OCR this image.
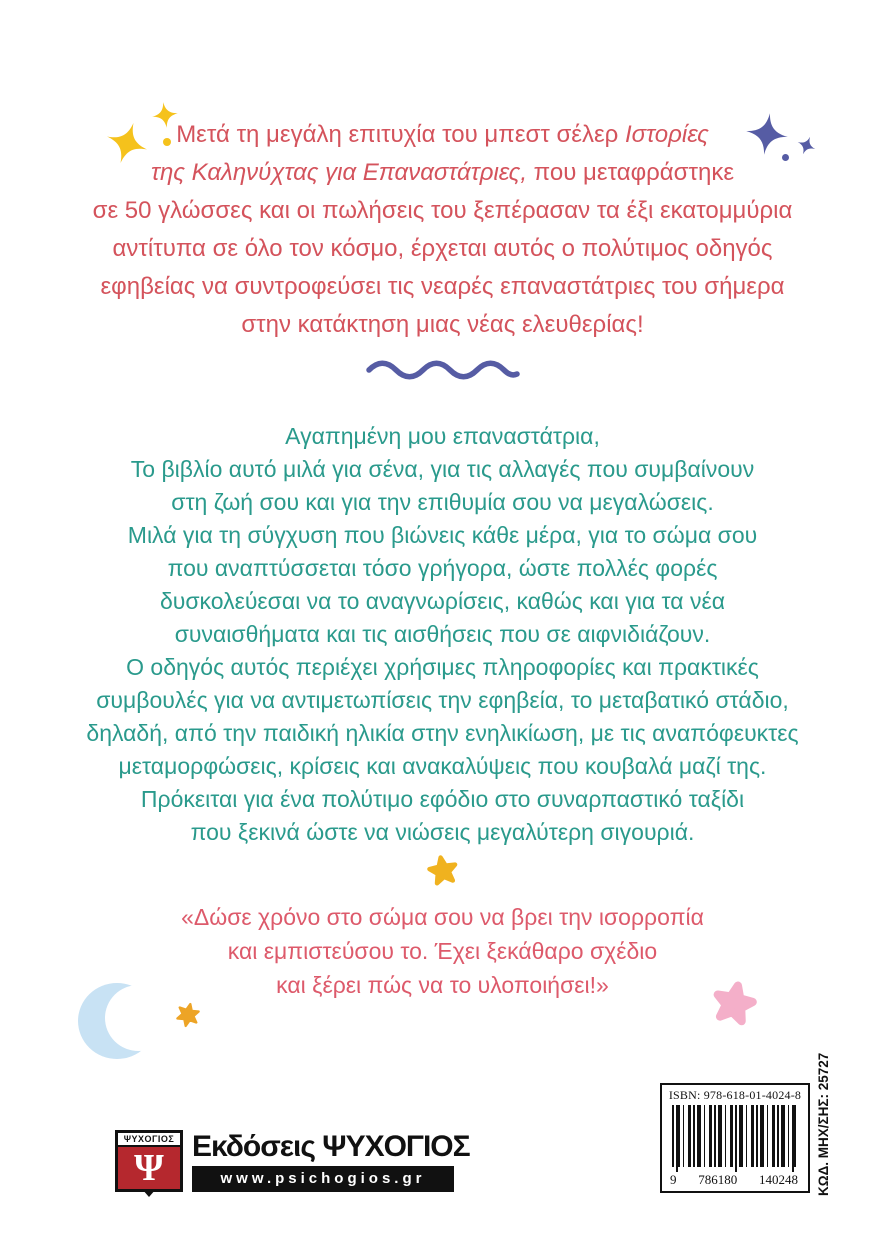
Μετά τη μεγάλη επιτυχία του μπεστ σέλερ Ιστορίες
της Καληνύχτας για Επαναστάτριες, που μεταφράστηκε
σε 50 γλώσσες και οι πωλήσεις του ξεπέρασαν τα έξι εκατομμύρια
αντίτυπα σε όλο τον κόσμο, έρχεται αυτός ο πολύτιμος οδηγός
εφηβείας να συντροφεύσει τις νεαρές επαναστάτριες του σήμερα
στην κατάκτηση μιας νέας ελευθερίας!
Αγαπημένη μου επαναστάτρια,
Το βιβλίο αυτό μιλά για σένα, για τις αλλαγές που συμβαίνουν
στη ζωή σου και για την επιθυμία σου να μεγαλώσεις.
Μιλά για τη σύγχυση που βιώνεις κάθε μέρα, για το σώμα σου
που αναπτύσσεται τόσο γρήγορα, ώστε πολλές φορές
δυσκολεύεσαι να το αναγνωρίσεις, καθώς και για τα νέα
συναισθήματα και τις αισθήσεις που σε αιφνιδιάζουν.
Ο οδηγός αυτός περιέχει χρήσιμες πληροφορίες και πρακτικές
συμβουλές για να αντιμετωπίσεις την εφηβεία, το μεταβατικό στάδιο,
δηλαδή, από την παιδική ηλικία στην ενηλικίωση, με τις αναπόφευκτες
μεταμορφώσεις, κρίσεις και ανακαλύψεις που κουβαλά μαζί της.
Πρόκειται για ένα πολύτιμο εφόδιο στο συναρπαστικό ταξίδι
που ξεκινά ώστε να νιώσεις μεγαλύτερη σιγουριά.
«Δώσε χρόνο στο σώμα σου να βρει την ισορροπία
και εμπιστεύσου το. Έχει ξεκάθαρο σχέδιο
και ξέρει πώς να το υλοποιήσει!»
ΨΥΧΟΓΙΟΣ
Ψ
Εκδόσεις ΨΥΧΟΓΙΟΣ
www.psichogios.gr
ISBN: 978-618-01-4024-8
9 786180 140248 ΚΩΔ. ΜΗΧ/ΣΗΣ: 25727
